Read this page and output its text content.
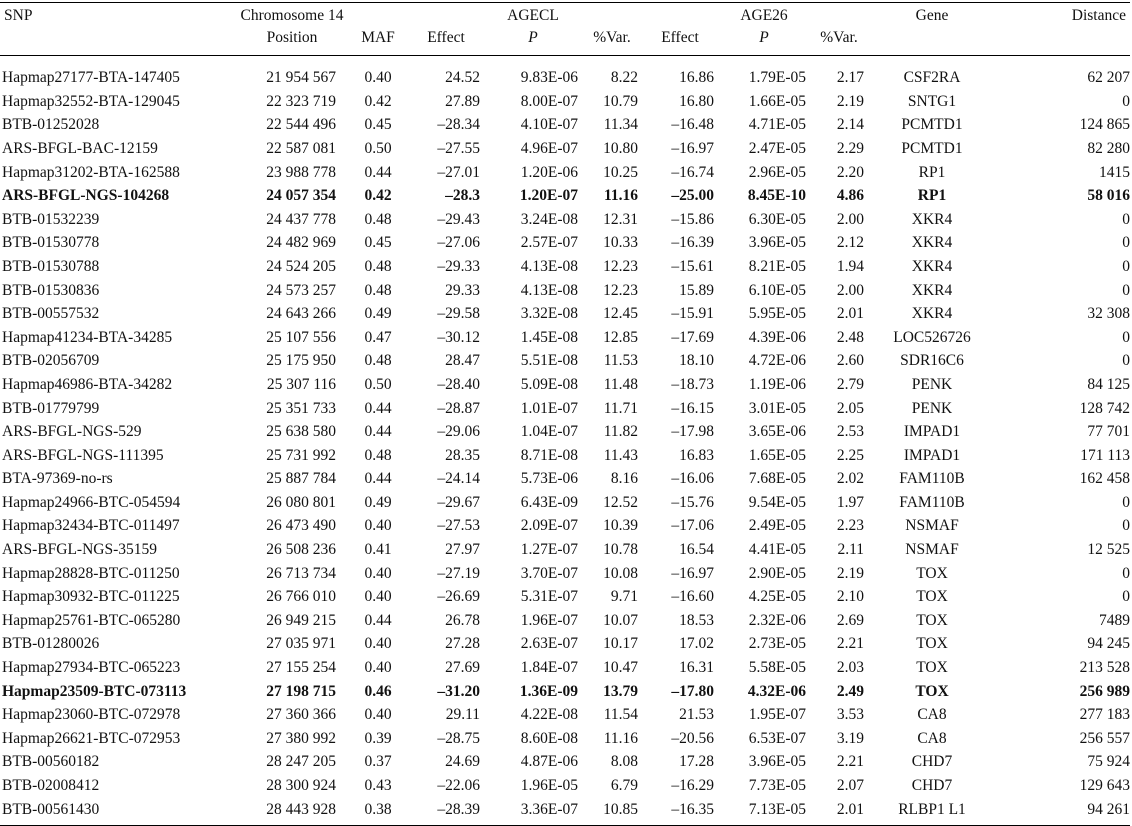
SNP	Chromosome 14			AGECL			AGE26		Gene	Distance
	Position	MAF	Effect	P	%Var.	Effect	P	%Var.		
Hapmap27177-BTA-147405	21 954 567	0.40	24.52	9.83E-06	8.22	16.86	1.79E-05	2.17	CSF2RA	62 207
Hapmap32552-BTA-129045	22 323 719	0.42	27.89	8.00E-07	10.79	16.80	1.66E-05	2.19	SNTG1	0
BTB-01252028	22 544 496	0.45	–28.34	4.10E-07	11.34	–16.48	4.71E-05	2.14	PCMTD1	124 865
ARS-BFGL-BAC-12159	22 587 081	0.50	–27.55	4.96E-07	10.80	–16.97	2.47E-05	2.29	PCMTD1	82 280
Hapmap31202-BTA-162588	23 988 778	0.44	–27.01	1.20E-06	10.25	–16.74	2.96E-05	2.20	RP1	1415
ARS-BFGL-NGS-104268	24 057 354	0.42	–28.3	1.20E-07	11.16	–25.00	8.45E-10	4.86	RP1	58 016
BTB-01532239	24 437 778	0.48	–29.43	3.24E-08	12.31	–15.86	6.30E-05	2.00	XKR4	0
BTB-01530778	24 482 969	0.45	–27.06	2.57E-07	10.33	–16.39	3.96E-05	2.12	XKR4	0
BTB-01530788	24 524 205	0.48	–29.33	4.13E-08	12.23	–15.61	8.21E-05	1.94	XKR4	0
BTB-01530836	24 573 257	0.48	29.33	4.13E-08	12.23	15.89	6.10E-05	2.00	XKR4	0
BTB-00557532	24 643 266	0.49	–29.58	3.32E-08	12.45	–15.91	5.95E-05	2.01	XKR4	32 308
Hapmap41234-BTA-34285	25 107 556	0.47	–30.12	1.45E-08	12.85	–17.69	4.39E-06	2.48	LOC526726	0
BTB-02056709	25 175 950	0.48	28.47	5.51E-08	11.53	18.10	4.72E-06	2.60	SDR16C6	0
Hapmap46986-BTA-34282	25 307 116	0.50	–28.40	5.09E-08	11.48	–18.73	1.19E-06	2.79	PENK	84 125
BTB-01779799	25 351 733	0.44	–28.87	1.01E-07	11.71	–16.15	3.01E-05	2.05	PENK	128 742
ARS-BFGL-NGS-529	25 638 580	0.44	–29.06	1.04E-07	11.82	–17.98	3.65E-06	2.53	IMPAD1	77 701
ARS-BFGL-NGS-111395	25 731 992	0.48	28.35	8.71E-08	11.43	16.83	1.65E-05	2.25	IMPAD1	171 113
BTA-97369-no-rs	25 887 784	0.44	–24.14	5.73E-06	8.16	–16.06	7.68E-05	2.02	FAM110B	162 458
Hapmap24966-BTC-054594	26 080 801	0.49	–29.67	6.43E-09	12.52	–15.76	9.54E-05	1.97	FAM110B	0
Hapmap32434-BTC-011497	26 473 490	0.40	–27.53	2.09E-07	10.39	–17.06	2.49E-05	2.23	NSMAF	0
ARS-BFGL-NGS-35159	26 508 236	0.41	27.97	1.27E-07	10.78	16.54	4.41E-05	2.11	NSMAF	12 525
Hapmap28828-BTC-011250	26 713 734	0.40	–27.19	3.70E-07	10.08	–16.97	2.90E-05	2.19	TOX	0
Hapmap30932-BTC-011225	26 766 010	0.40	–26.69	5.31E-07	9.71	–16.60	4.25E-05	2.10	TOX	0
Hapmap25761-BTC-065280	26 949 215	0.44	26.78	1.96E-07	10.07	18.53	2.32E-06	2.69	TOX	7489
BTB-01280026	27 035 971	0.40	27.28	2.63E-07	10.17	17.02	2.73E-05	2.21	TOX	94 245
Hapmap27934-BTC-065223	27 155 254	0.40	27.69	1.84E-07	10.47	16.31	5.58E-05	2.03	TOX	213 528
Hapmap23509-BTC-073113	27 198 715	0.46	–31.20	1.36E-09	13.79	–17.80	4.32E-06	2.49	TOX	256 989
Hapmap23060-BTC-072978	27 360 366	0.40	29.11	4.22E-08	11.54	21.53	1.95E-07	3.53	CA8	277 183
Hapmap26621-BTC-072953	27 380 992	0.39	–28.75	8.60E-08	11.16	–20.56	6.53E-07	3.19	CA8	256 557
BTB-00560182	28 247 205	0.37	24.69	4.87E-06	8.08	17.28	3.96E-05	2.21	CHD7	75 924
BTB-02008412	28 300 924	0.43	–22.06	1.96E-05	6.79	–16.29	7.73E-05	2.07	CHD7	129 643
BTB-00561430	28 443 928	0.38	–28.39	3.36E-07	10.85	–16.35	7.13E-05	2.01	RLBP1 L1	94 261
